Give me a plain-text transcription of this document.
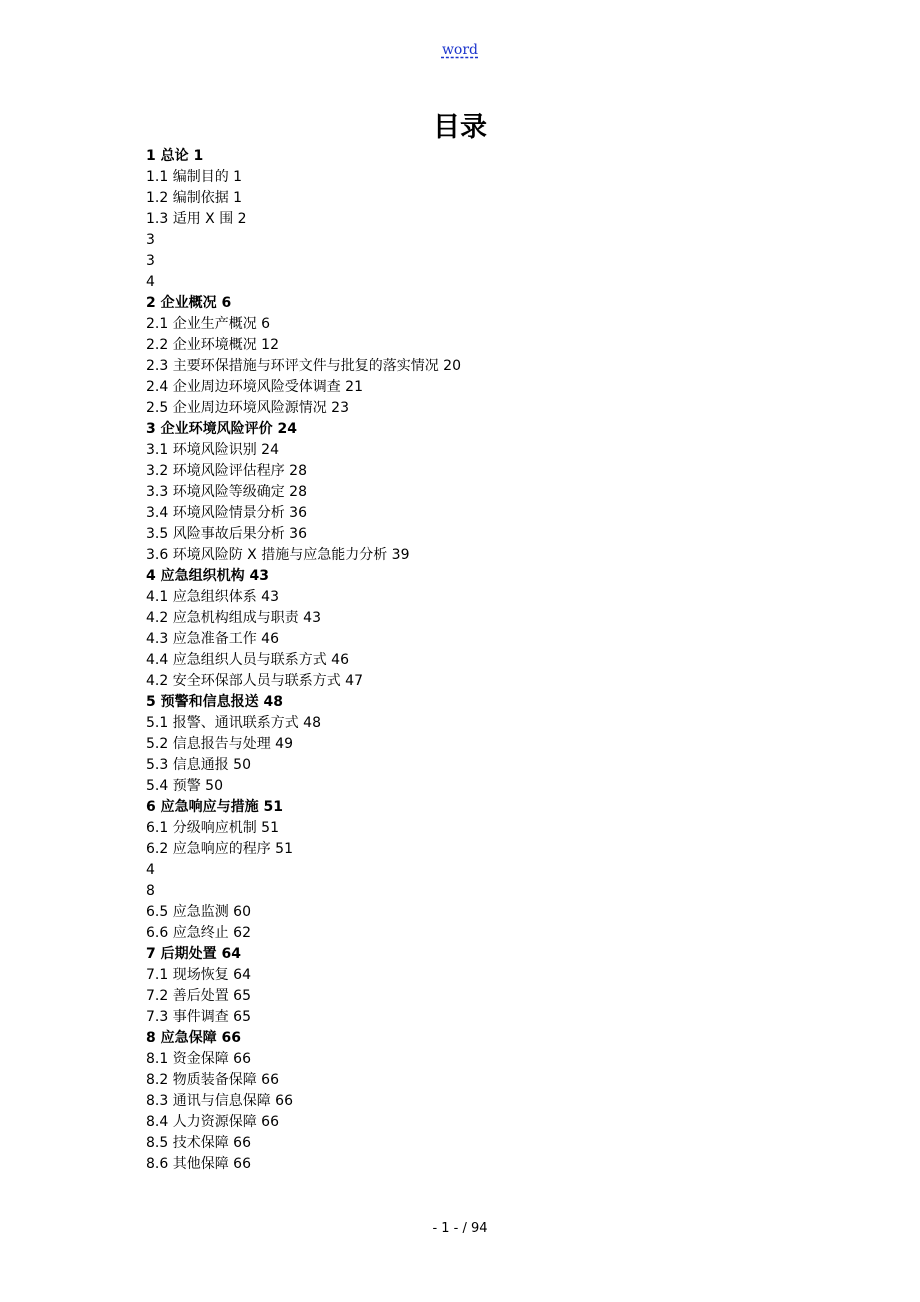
word
目录
1 总论 1
1.1 编制目的 1
1.2 编制依据 1
1.3 适用 X 围 2
3
3
4
2 企业概况 6
2.1 企业生产概况 6
2.2 企业环境概况 12
2.3 主要环保措施与环评文件与批复的落实情况 20
2.4 企业周边环境风险受体调查 21
2.5 企业周边环境风险源情况 23
3 企业环境风险评价 24
3.1 环境风险识别 24
3.2 环境风险评估程序 28
3.3 环境风险等级确定 28
3.4 环境风险情景分析 36
3.5 风险事故后果分析 36
3.6 环境风险防 X 措施与应急能力分析 39
4 应急组织机构 43
4.1 应急组织体系 43
4.2 应急机构组成与职责 43
4.3 应急准备工作 46
4.4 应急组织人员与联系方式 46
4.2 安全环保部人员与联系方式 47
5 预警和信息报送 48
5.1 报警、通讯联系方式 48
5.2 信息报告与处理 49
5.3 信息通报 50
5.4 预警 50
6 应急响应与措施 51
6.1 分级响应机制 51
6.2 应急响应的程序 51
4
8
6.5 应急监测 60
6.6 应急终止 62
7 后期处置 64
7.1 现场恢复 64
7.2 善后处置 65
7.3 事件调查 65
8 应急保障 66
8.1 资金保障 66
8.2 物质装备保障 66
8.3 通讯与信息保障 66
8.4 人力资源保障 66
8.5 技术保障 66
8.6 其他保障 66
- 1 - / 94
